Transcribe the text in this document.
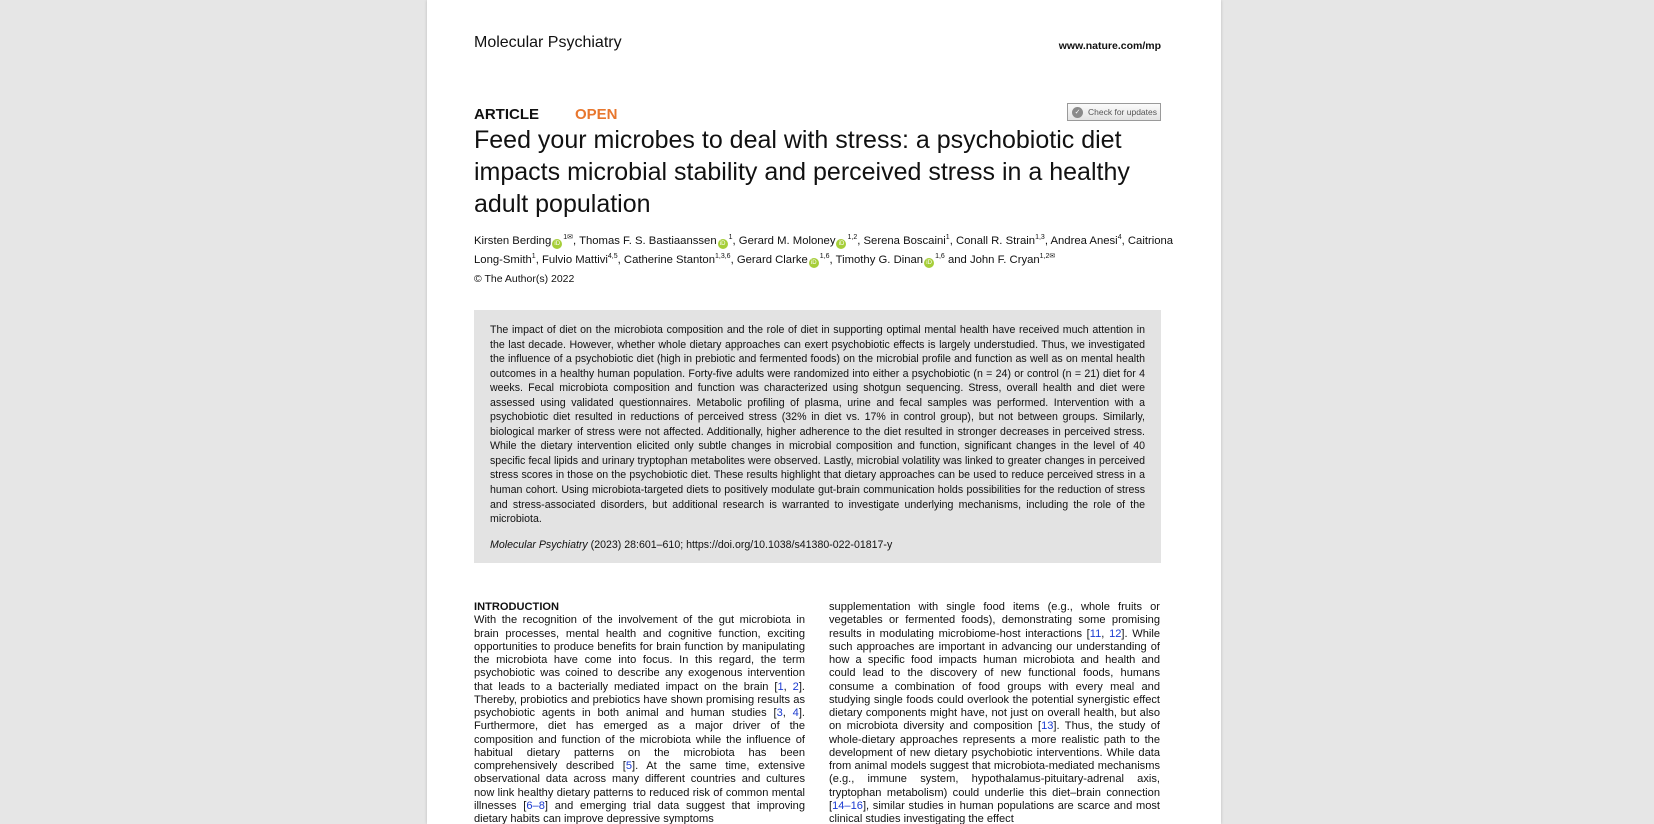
Molecular Psychiatry	www.nature.com/mp
ARTICLE OPEN	✓ Check for updates
Feed your microbes to deal with stress: a psychobiotic diet impacts microbial stability and perceived stress in a healthy adult population
Kirsten Berding $iD^{1✉}$, Thomas F. S. Bastiaanssen $iD^1$, Gerard M. Moloney iD$^{1,2}$, Serena Boscaini$^1$, Conall R. Strain$^{1,3}$, Andrea Anesi$^4$, Caitriona Long-Smith$^1$, Fulvio Mattivi$^{4,5}$, Catherine Stanton$^{1,3,6}$, Gerard Clarke iD$^{1,6}$, Timothy G. Dinan iD$^{1,6}$ and John F. Cryan$^{1,2✉}$
© The Author(s) 2022
The impact of diet on the microbiota composition and the role of diet in supporting optimal mental health have received much attention in the last decade. However, whether whole dietary approaches can exert psychobiotic effects is largely understudied. Thus, we investigated the influence of a psychobiotic diet (high in prebiotic and fermented foods) on the microbial profile and function as well as on mental health outcomes in a healthy human population. Forty-five adults were randomized into either a psychobiotic (n = 24) or control (n = 21) diet for 4 weeks. Fecal microbiota composition and function was characterized using shotgun sequencing. Stress, overall health and diet were assessed using validated questionnaires. Metabolic profiling of plasma, urine and fecal samples was performed. Intervention with a psychobiotic diet resulted in reductions of perceived stress (32% in diet vs. 17% in control group), but not between groups. Similarly, biological marker of stress were not affected. Additionally, higher adherence to the diet resulted in stronger decreases in perceived stress. While the dietary intervention elicited only subtle changes in microbial composition and function, significant changes in the level of 40 specific fecal lipids and urinary tryptophan metabolites were observed. Lastly, microbial volatility was linked to greater changes in perceived stress scores in those on the psychobiotic diet. These results highlight that dietary approaches can be used to reduce perceived stress in a human cohort. Using microbiota-targeted diets to positively modulate gut-brain communication holds possibilities for the reduction of stress and stress-associated disorders, but additional research is warranted to investigate underlying mechanisms, including the role of the microbiota.
Molecular Psychiatry (2023) 28:601–610; https://doi.org/10.1038/s41380-022-01817-y
INTRODUCTION
With the recognition of the involvement of the gut microbiota in brain processes, mental health and cognitive function, exciting opportunities to produce benefits for brain function by manipulating the microbiota have come into focus. In this regard, the term psychobiotic was coined to describe any exogenous intervention that leads to a bacterially mediated impact on the brain [1, 2]. Thereby, probiotics and prebiotics have shown promising results as psychobiotic agents in both animal and human studies [3, 4]. Furthermore, diet has emerged as a major driver of the composition and function of the microbiota while the influence of habitual dietary patterns on the microbiota has been comprehensively described [5]. At the same time, extensive observational data across many different countries and cultures now link healthy dietary patterns to reduced risk of common mental illnesses [6–8] and emerging trial data suggest that improving dietary habits can improve depressive symptoms
supplementation with single food items (e.g., whole fruits or vegetables or fermented foods), demonstrating some promising results in modulating microbiome-host interactions [11, 12]. While such approaches are important in advancing our understanding of how a specific food impacts human microbiota and health and could lead to the discovery of new functional foods, humans consume a combination of food groups with every meal and studying single foods could overlook the potential synergistic effect dietary components might have, not just on overall health, but also on microbiota diversity and composition [13]. Thus, the study of whole-dietary approaches represents a more realistic path to the development of new dietary psychobiotic interventions. While data from animal models suggest that microbiota-mediated mechanisms (e.g., immune system, hypothalamus-pituitary-adrenal axis, tryptophan metabolism) could underlie this diet–brain connection [14–16], similar studies in human populations are scarce and most clinical studies investigating the effect
